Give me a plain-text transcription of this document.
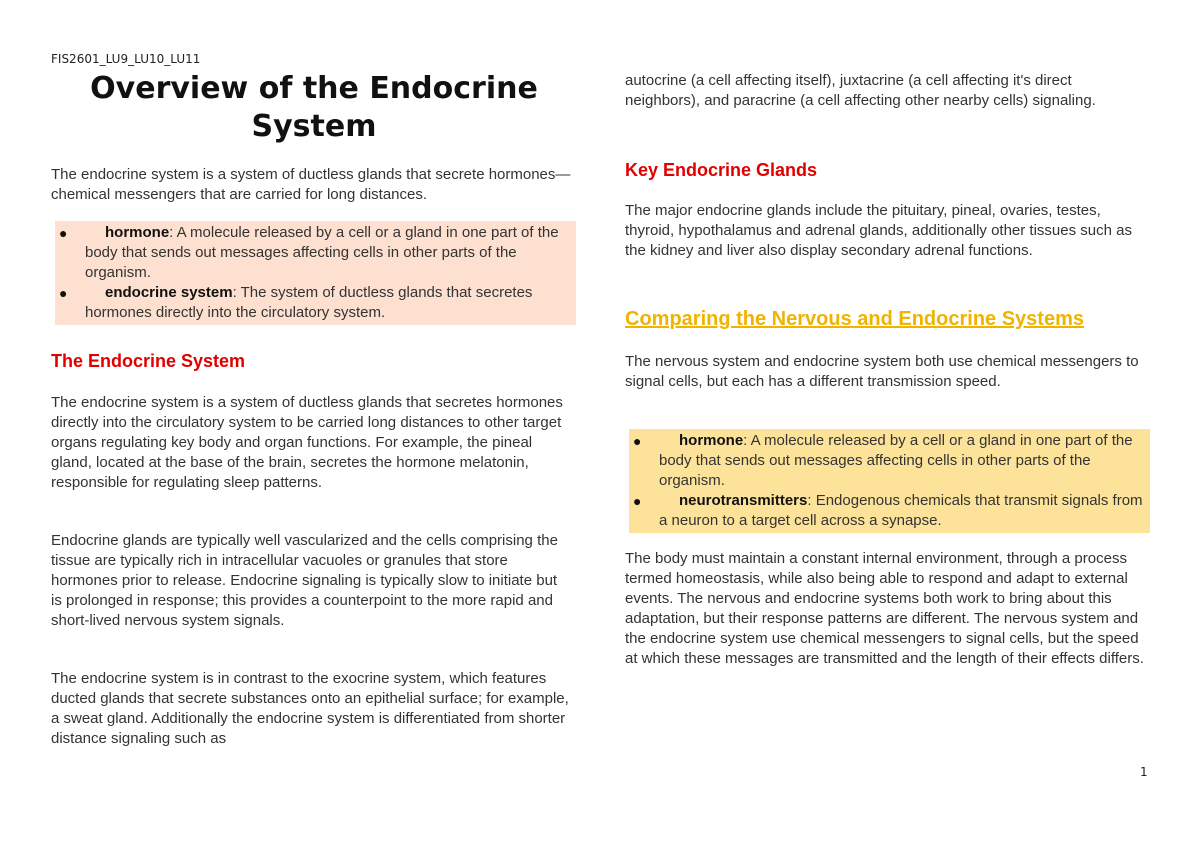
FIS2601_LU9_LU10_LU11
Overview of the Endocrine System

The endocrine system is a system of ductless glands that secrete hormones—chemical messengers that are carried for long distances.

●	hormone: A molecule released by a cell or a gland in one part of the body that sends out messages affecting cells in other parts of the organism.
●	endocrine system: The system of ductless glands that secretes hormones directly into the circulatory system.
The Endocrine System

The endocrine system is a system of ductless glands that secretes hormones directly into the circulatory system to be carried long distances to other target organs regulating key body and organ functions. For example, the pineal gland, located at the base of the brain, secretes the hormone melatonin, responsible for regulating sleep patterns.

Endocrine glands are typically well vascularized and the cells comprising the tissue are typically rich in intracellular vacuoles or granules that store hormones prior to release. Endocrine signaling is typically slow to initiate but is prolonged in response; this provides a counterpoint to the more rapid and short-lived nervous system signals.

The endocrine system is in contrast to the exocrine system, which features ducted glands that secrete substances onto an epithelial surface; for example, a sweat gland. Additionally the endocrine system is differentiated from shorter distance signaling such as

autocrine (a cell affecting itself), juxtacrine (a cell affecting it's direct neighbors), and paracrine (a cell affecting other nearby cells) signaling.

Key Endocrine Glands

The major endocrine glands include the pituitary, pineal, ovaries, testes, thyroid, hypothalamus and adrenal glands, additionally other tissues such as the kidney and liver also display secondary adrenal functions.

Comparing the Nervous and Endocrine Systems

The nervous system and endocrine system both use chemical messengers to signal cells, but each has a different transmission speed.

●	hormone: A molecule released by a cell or a gland in one part of the body that sends out messages affecting cells in other parts of the organism.
●	neurotransmitters: Endogenous chemicals that transmit signals from a neuron to a target cell across a synapse.

The body must maintain a constant internal environment, through a process termed homeostasis, while also being able to respond and adapt to external events. The nervous and endocrine systems both work to bring about this adaptation, but their response patterns are different. The nervous system and the endocrine system use chemical messengers to signal cells, but the speed at which these messages are transmitted and the length of their effects differs.

1
